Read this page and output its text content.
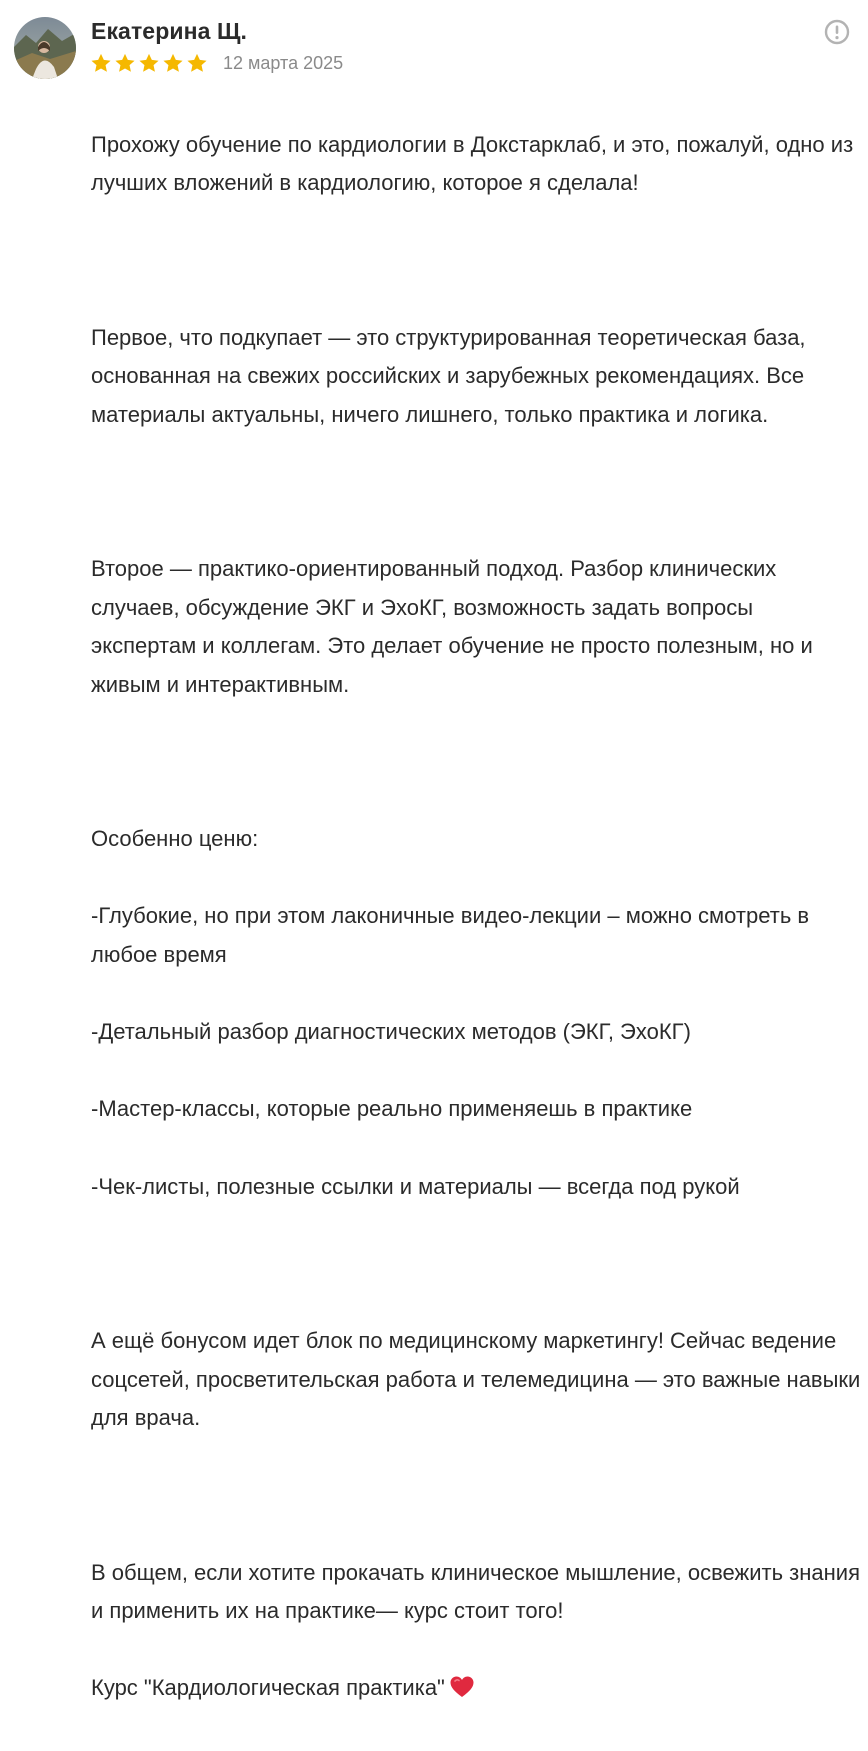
Екатерина Щ.
12 марта 2025

Прохожу обучение по кардиологии в Докстарклаб, и это, пожалуй, одно из лучших вложений в кардиологию, которое я сделала!

Первое, что подкупает — это структурированная теоретическая база, основанная на свежих российских и зарубежных рекомендациях. Все материалы актуальны, ничего лишнего, только практика и логика.

Второе — практико-ориентированный подход. Разбор клинических случаев, обсуждение ЭКГ и ЭхоКГ, возможность задать вопросы экспертам и коллегам. Это делает обучение не просто полезным, но и живым и интерактивным.

Особенно ценю:

-Глубокие, но при этом лаконичные видео-лекции – можно смотреть в любое время

-Детальный разбор диагностических методов (ЭКГ, ЭхоКГ)

-Мастер-классы, которые реально применяешь в практике

-Чек-листы, полезные ссылки и материалы — всегда под рукой

А ещё бонусом идет блок по медицинскому маркетингу! Сейчас ведение соцсетей, просветительская работа и телемедицина — это важные навыки для врача.

В общем, если хотите прокачать клиническое мышление, освежить знания и применить их на практике— курс стоит того!

Курс "Кардиологическая практика"
